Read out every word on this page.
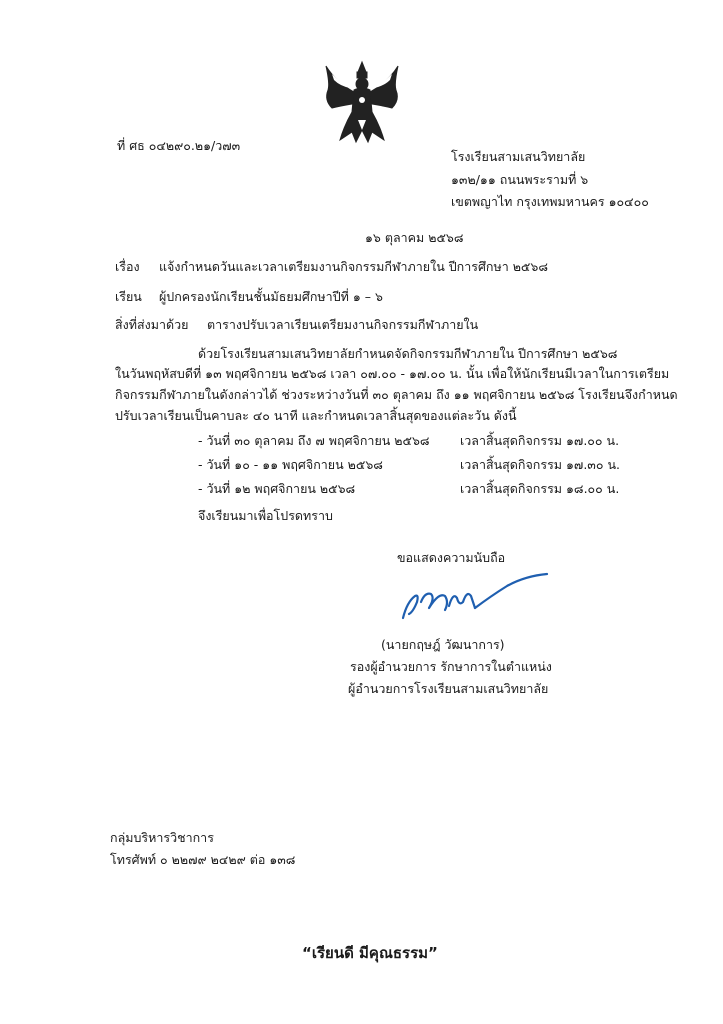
ที่ ศธ ๐๔๒๙๐.๒๑/ว๗๓
โรงเรียนสามเสนวิทยาลัย
๑๓๒/๑๑ ถนนพระรามที่ ๖
เขตพญาไท กรุงเทพมหานคร ๑๐๔๐๐
๑๖ ตุลาคม ๒๕๖๘
เรื่อง แจ้งกำหนดวันและเวลาเตรียมงานกิจกรรมกีฬาภายใน ปีการศึกษา ๒๕๖๘
เรียน ผู้ปกครองนักเรียนชั้นมัธยมศึกษาปีที่ ๑ – ๖
สิ่งที่ส่งมาด้วย ตารางปรับเวลาเรียนเตรียมงานกิจกรรมกีฬาภายใน
ด้วยโรงเรียนสามเสนวิทยาลัยกำหนดจัดกิจกรรมกีฬาภายใน ปีการศึกษา ๒๕๖๘
ในวันพฤหัสบดีที่ ๑๓ พฤศจิกายน ๒๕๖๘ เวลา ๐๗.๐๐ - ๑๗.๐๐ น. นั้น เพื่อให้นักเรียนมีเวลาในการเตรียม
กิจกรรมกีฬาภายในดังกล่าวได้ ช่วงระหว่างวันที่ ๓๐ ตุลาคม ถึง ๑๑ พฤศจิกายน ๒๕๖๘ โรงเรียนจึงกำหนด
ปรับเวลาเรียนเป็นคาบละ ๔๐ นาที และกำหนดเวลาสิ้นสุดของแต่ละวัน ดังนี้
- วันที่ ๓๐ ตุลาคม ถึง ๗ พฤศจิกายน ๒๕๖๘ เวลาสิ้นสุดกิจกรรม ๑๗.๐๐ น.
- วันที่ ๑๐ - ๑๑ พฤศจิกายน ๒๕๖๘	เวลาสิ้นสุดกิจกรรม ๑๗.๓๐ น.
- วันที่ ๑๒ พฤศจิกายน ๒๕๖๘	เวลาสิ้นสุดกิจกรรม ๑๘.๐๐ น.
จึงเรียนมาเพื่อโปรดทราบ
ขอแสดงความนับถือ
(นายกฤษฎ์ วัฒนาการ)
รองผู้อำนวยการ รักษาการในตำแหน่ง
ผู้อำนวยการโรงเรียนสามเสนวิทยาลัย
กลุ่มบริหารวิชาการ
โทรศัพท์ ๐ ๒๒๗๙ ๒๔๒๙ ต่อ ๑๓๘
“เรียนดี มีคุณธรรม”
